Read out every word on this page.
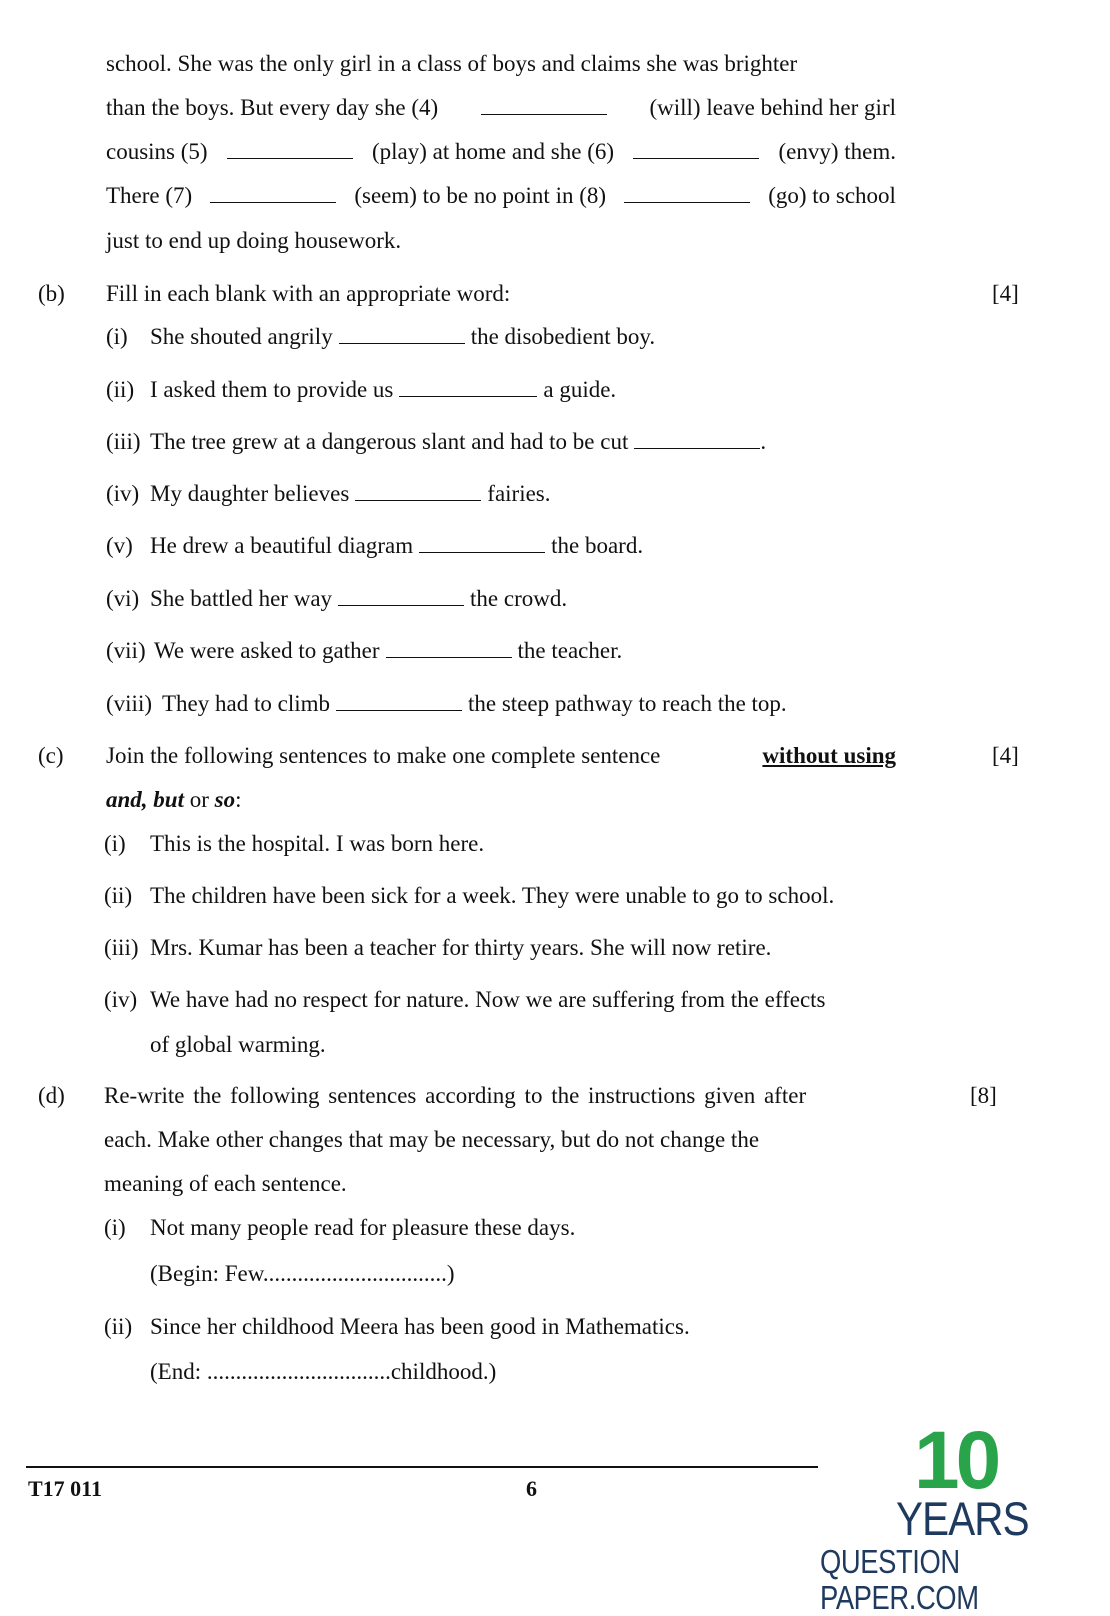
school. She was the only girl in a class of boys and claims she was brighter
than the boys. But every day she (4)	(will) leave behind her girl
cousins (5)	(play) at home and she (6)	(envy) them.
There (7)	(seem) to be no point in (8)	(go) to school
just to end up doing housework.
(b) Fill in each blank with an appropriate word:	[4]
(i) She shouted angrily	the disobedient boy.
(ii) I asked them to provide us	a guide.
(iii) The tree grew at a dangerous slant and had to be cut	.
(iv) My daughter believes	fairies.
(v) He drew a beautiful diagram	the board.
(vi) She battled her way	the crowd.
(vii) We were asked to gather	the teacher.
(viii) They had to climb	the steep pathway to reach the top.
(c) Join the following sentences to make one complete sentence	without using	[4]
and, but or so:
(i) This is the hospital. I was born here.
(ii) The children have been sick for a week. They were unable to go to school.
(iii) Mrs. Kumar has been a teacher for thirty years. She will now retire.
(iv) We have had no respect for nature. Now we are suffering from the effects
of global warming.
(d) Re-write the following sentences according to the instructions given after	[8]
each. Make other changes that may be necessary, but do not change the
meaning of each sentence.
(i) Not many people read for pleasure these days.
(Begin: Few................................)
(ii) Since her childhood Meera has been good in Mathematics.
(End: ................................childhood.)
T17 011	6	10
YEARS
QUESTION PAPER.COM
